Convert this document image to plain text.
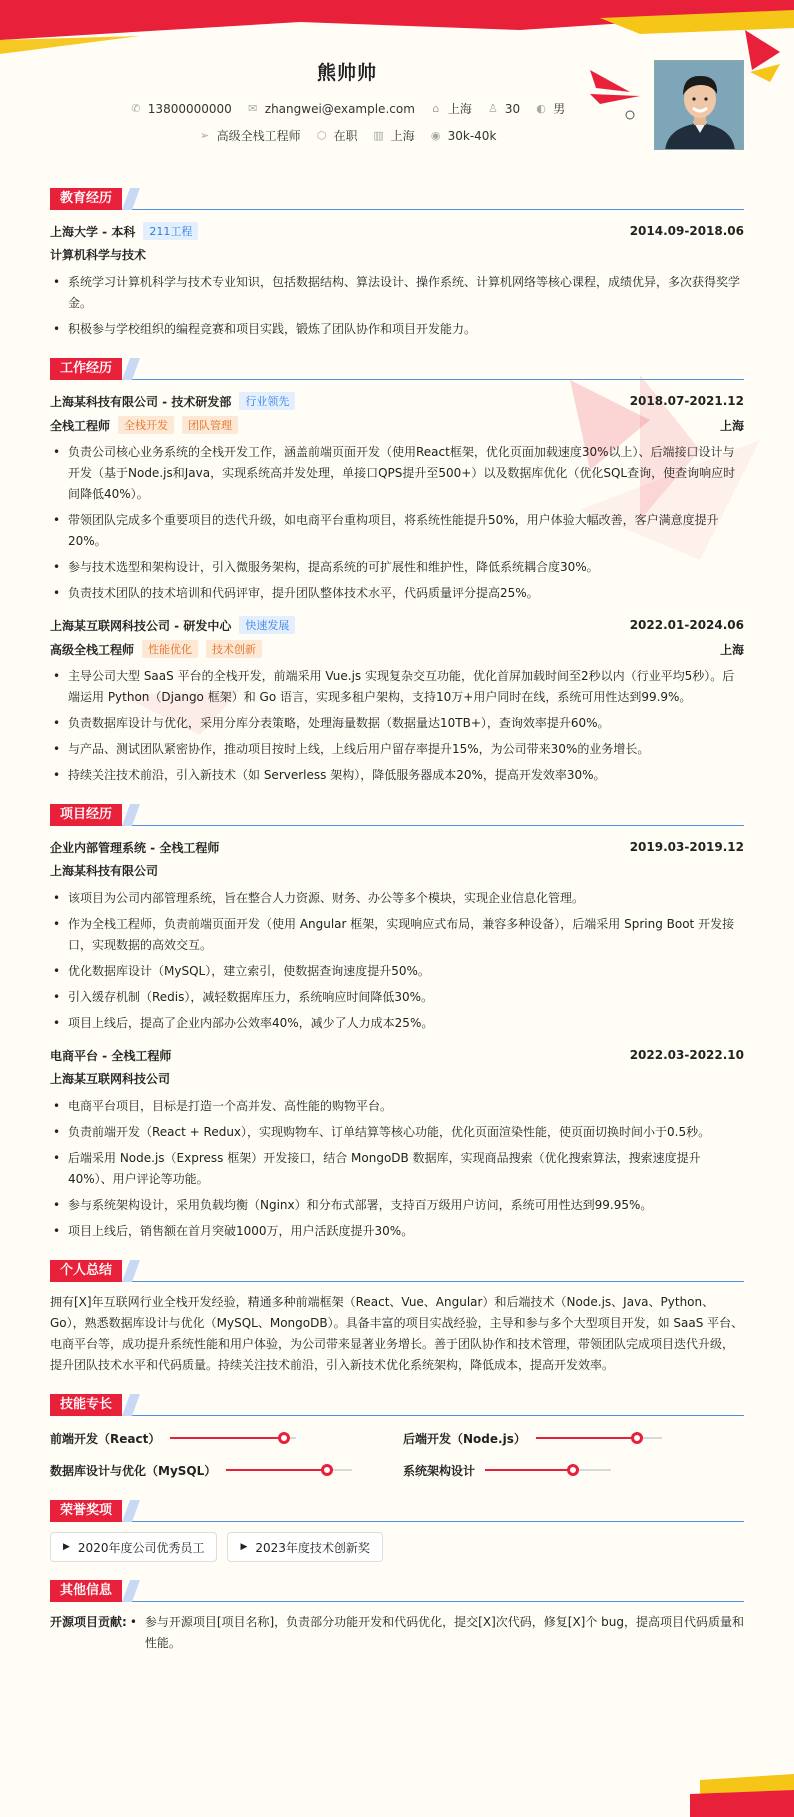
熊帅帅
✆ 13800000000 ✉ zhangwei@example.com	⌂ 上海 ♙ 30 ◐ 男
➢ 高级全栈工程师 ⬡ 在职 ▥ 上海 ◉ 30k-40k
教育经历
上海大学 - 本科	211工程	2014.09-2018.06
计算机科学与技术
• 系统学习计算机科学与技术专业知识，包括数据结构、算法设计、操作系统、计算机网络等核心课程，成绩优异，多次获得奖学金。
• 积极参与学校组织的编程竞赛和项目实践，锻炼了团队协作和项目开发能力。
工作经历
上海某科技有限公司 - 技术研发部	行业领先	2018.07-2021.12
全栈工程师	全栈开发	团队管理	上海
• 负责公司核心业务系统的全栈开发工作，涵盖前端页面开发（使用React框架，优化页面加载速度30%以上）、后端接口设计与开发（基于Node.js和Java，实现系统高并发处理，单接口QPS提升至500+）以及数据库优化（优化SQL查询，使查询响应时间降低40%）。
• 带领团队完成多个重要项目的迭代升级，如电商平台重构项目，将系统性能提升50%，用户体验大幅改善，客户满意度提升20%。
• 参与技术选型和架构设计，引入微服务架构，提高系统的可扩展性和维护性，降低系统耦合度30%。
• 负责技术团队的技术培训和代码评审，提升团队整体技术水平，代码质量评分提高25%。
上海某互联网科技公司 - 研发中心	快速发展	2022.01-2024.06
高级全栈工程师	性能优化	技术创新	上海
• 主导公司大型 SaaS 平台的全栈开发，前端采用 Vue.js 实现复杂交互功能，优化首屏加载时间至2秒以内（行业平均5秒）。后端运用 Python（Django 框架）和 Go 语言，实现多租户架构，支持10万+用户同时在线，系统可用性达到99.9%。
• 负责数据库设计与优化，采用分库分表策略，处理海量数据（数据量达10TB+），查询效率提升60%。
• 与产品、测试团队紧密协作，推动项目按时上线，上线后用户留存率提升15%，为公司带来30%的业务增长。
• 持续关注技术前沿，引入新技术（如 Serverless 架构），降低服务器成本20%，提高开发效率30%。
项目经历
企业内部管理系统 - 全栈工程师	2019.03-2019.12
上海某科技有限公司
• 该项目为公司内部管理系统，旨在整合人力资源、财务、办公等多个模块，实现企业信息化管理。
• 作为全栈工程师，负责前端页面开发（使用 Angular 框架，实现响应式布局，兼容多种设备），后端采用 Spring Boot 开发接口，实现数据的高效交互。
• 优化数据库设计（MySQL），建立索引，使数据查询速度提升50%。
• 引入缓存机制（Redis），减轻数据库压力，系统响应时间降低30%。
• 项目上线后，提高了企业内部办公效率40%，减少了人力成本25%。
电商平台 - 全栈工程师	2022.03-2022.10
上海某互联网科技公司
• 电商平台项目，目标是打造一个高并发、高性能的购物平台。
• 负责前端开发（React + Redux），实现购物车、订单结算等核心功能，优化页面渲染性能，使页面切换时间小于0.5秒。
• 后端采用 Node.js（Express 框架）开发接口，结合 MongoDB 数据库，实现商品搜索（优化搜索算法，搜索速度提升40%）、用户评论等功能。
• 参与系统架构设计，采用负载均衡（Nginx）和分布式部署，支持百万级用户访问，系统可用性达到99.95%。
• 项目上线后，销售额在首月突破1000万，用户活跃度提升30%。
个人总结

拥有[X]年互联网行业全栈开发经验，精通多种前端框架（React、Vue、Angular）和后端技术（Node.js、Java、Python、Go），熟悉数据库设计与优化（MySQL、MongoDB）。具备丰富的项目实战经验，主导和参与多个大型项目开发，如 SaaS 平台、电商平台等，成功提升系统性能和用户体验，为公司带来显著业务增长。善于团队协作和技术管理，带领团队完成项目迭代升级，提升团队技术水平和代码质量。持续关注技术前沿，引入新技术优化系统架构，降低成本，提高开发效率。

技能专长
前端开发（React）	后端开发（Node.js）
数据库设计与优化（MySQL）	系统架构设计
荣誉奖项
▶ 2020年度公司优秀员工	▶ 2023年度技术创新奖
其他信息
开源项目贡献:
•	参与开源项目[项目名称]，负责部分功能开发和代码优化，提交[X]次代码，修复[X]个 bug，提高项目代码质量和性能。
